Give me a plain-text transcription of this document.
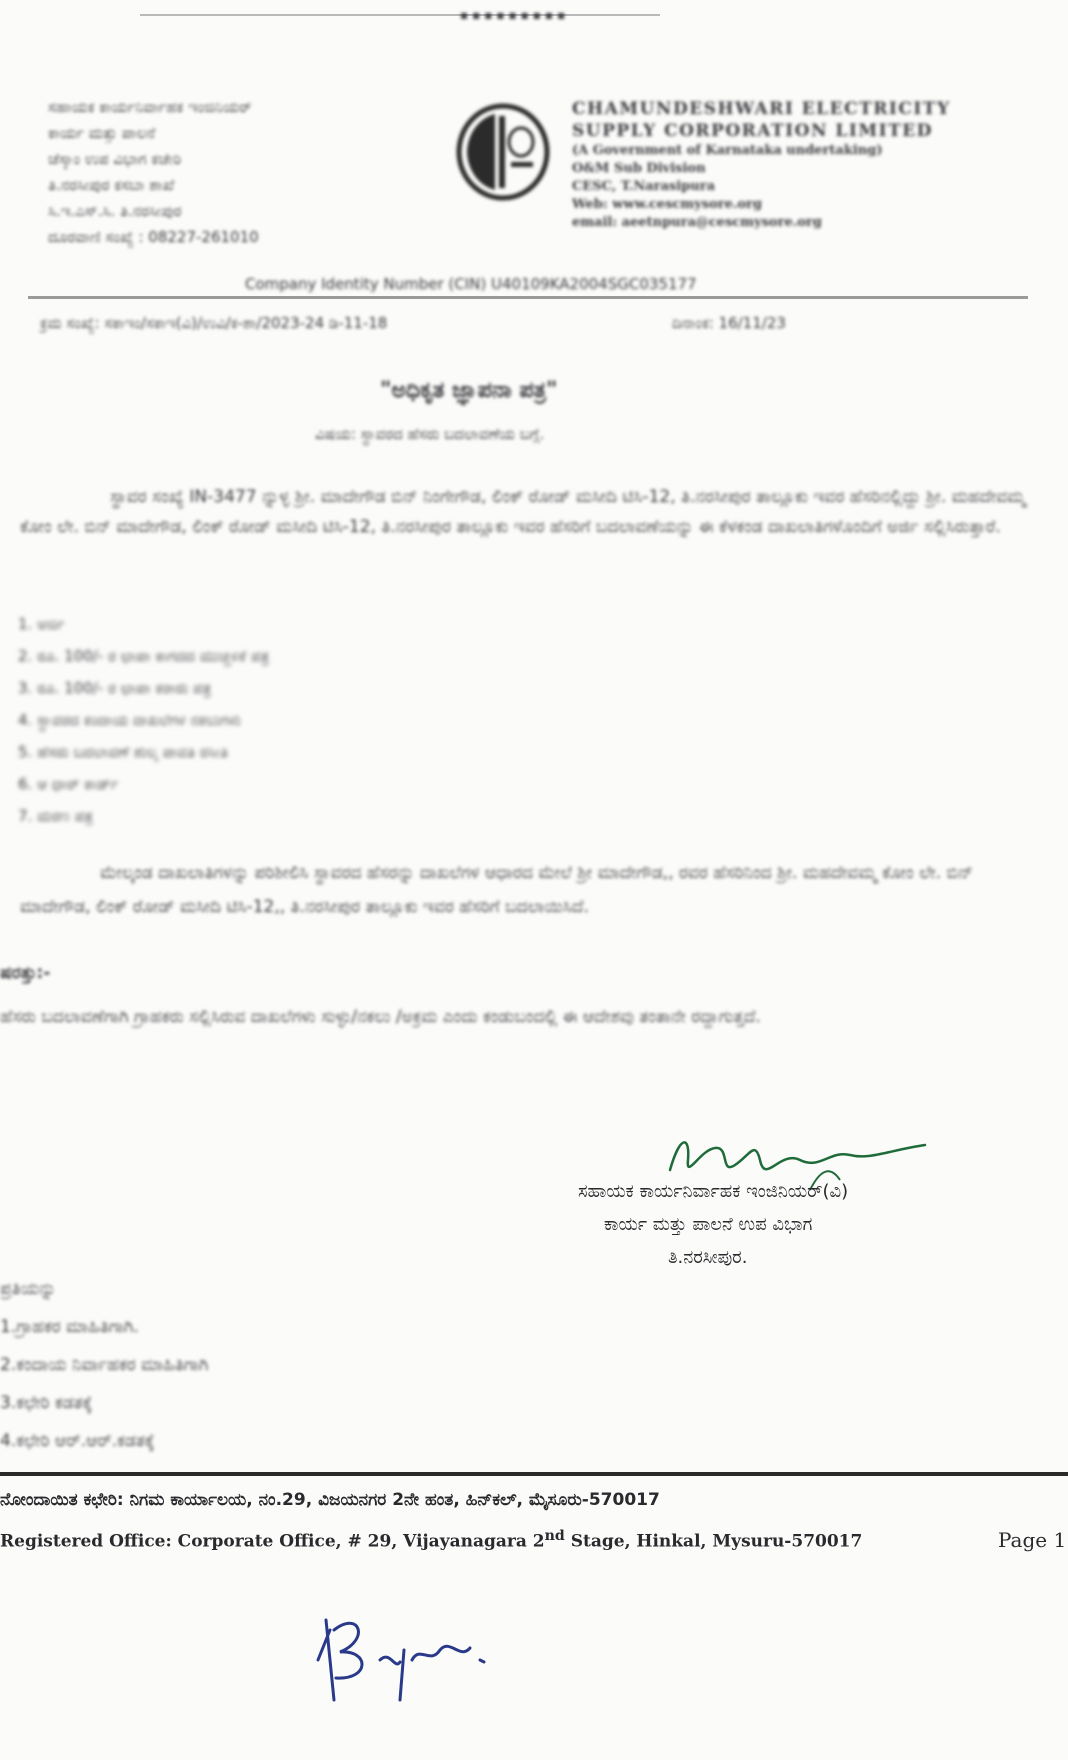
▪▪▪▪▪▪▪▪▪
ಸಹಾಯಕ ಕಾರ್ಯನಿರ್ವಾಹಕ ಇಂಜಿನಿಯರ್
ಕಾರ್ಯ ಮತ್ತು ಪಾಲನೆ
ಚೆಸ್ಕಾಂ ಉಪ ವಿಭಾಗ ಕಚೇರಿ
ತಿ.ನರಸೀಪುರ ಕಸಬಾ ಶಾಖೆ
ಸಿ.ಇ.ಎಸ್.ಸಿ. ತಿ.ನರಸೀಪುರ
ದೂರವಾಣಿ ಸಂಖ್ಯೆ : 08227-261010
CHAMUNDESHWARI ELECTRICITY SUPPLY CORPORATION LIMITED
(A Government of Karnataka undertaking)
O&M Sub Division
CESC, T.Narasipura
Web: www.cescmysore.org
email: aeetnpura@cescmysore.org
Company Identity Number (CIN) U40109KA2004SGC035177
ಕ್ರಮ ಸಂಖ್ಯೆ: ಸಕಾಇಂ/ಸಕಾಇ(ವಿ)/ಉವಿ/ಕ-ಶಾ/2023-24 ಡಿ-11-18	ದಿನಾಂಕ: 16/11/23
"ಅಧಿಕೃತ ಜ್ಞಾಪನಾ ಪತ್ರ"
ವಿಷಯ: ಸ್ಥಾವರದ ಹೆಸರು ಬದಲಾವಣೆಯ ಬಗ್ಗೆ.
ಸ್ಥಾವರ ಸಂಖ್ಯೆ IN-3477 ನ್ನುಳ್ಳ ಶ್ರೀ. ಮಾದೇಗೌಡ ಬಿನ್ ನಿಂಗೇಗೌಡ, ಲಿಂಕ್ ರೋಡ್ ಮಸೀದಿ ಟಿಸಿ-12, ತಿ.ನರಸೀಪುರ ತಾಲ್ಲೂಕು ಇವರ ಹೆಸರಿನಲ್ಲಿದ್ದು ಶ್ರೀ. ಮಹದೇವಮ್ಮ ಕೋಂ ಲೇ. ಬಿನ್ ಮಾದೇಗೌಡ, ಲಿಂಕ್ ರೋಡ್ ಮಸೀದಿ ಟಿಸಿ-12, ತಿ.ನರಸೀಪುರ ತಾಲ್ಲೂಕು ಇವರ ಹೆಸರಿಗೆ ಬದಲಾವಣೆಯನ್ನು ಈ ಕೆಳಕಂಡ ದಾಖಲಾತಿಗಳೊಂದಿಗೆ ಅರ್ಜಿ ಸಲ್ಲಿಸಿರುತ್ತಾರೆ.
1. ಅರ್ಜಿ
2. ರೂ. 100/- ರ ಛಾಪಾ ಕಾಗದದ ಮುಚ್ಚಳಿಕೆ ಪತ್ರ
3. ರೂ. 100/- ರ ಛಾಪಾ ಕರಾರು ಪತ್ರ
4. ಸ್ಥಾವರದ ಕಂದಾಯ ದಾಖಲೆಗಳ ನಕಲುಗಳು
5. ಹೆಸರು ಬದಲಾವಣೆ ಶುಲ್ಕ ಪಾವತಿ ರಸೀತಿ
6. ಆ ಧಾರ್ ಕಾರ್ಡ್
7. ಮರಣ ಪತ್ರ
ಮೇಲ್ಕಂಡ ದಾಖಲಾತಿಗಳನ್ನು ಪರಿಶೀಲಿಸಿ ಸ್ಥಾವರದ ಹೆಸರನ್ನು ದಾಖಲೆಗಳ ಆಧಾರದ ಮೇಲೆ ಶ್ರೀ ಮಾದೇಗೌಡ,, ರವರ ಹೆಸರಿನಿಂದ ಶ್ರೀ. ಮಹದೇವಮ್ಮ ಕೋಂ ಲೇ. ಬಿನ್ ಮಾದೇಗೌಡ, ಲಿಂಕ್ ರೋಡ್ ಮಸೀದಿ ಟಿಸಿ-12,, ತಿ.ನರಸೀಪುರ ತಾಲ್ಲೂಕು ಇವರ ಹೆಸರಿಗೆ ಬದಲಾಯಿಸಿದೆ.
ಷರತ್ತು:-
ಹೆಸರು ಬದಲಾವಣೆಗಾಗಿ ಗ್ರಾಹಕರು ಸಲ್ಲಿಸಿರುವ ದಾಖಲೆಗಳು ಸುಳ್ಳು/ನಕಲು /ಅಕ್ರಮ ಎಂದು ಕಂಡುಬಂದಲ್ಲಿ ಈ ಆದೇಶವು ತಂತಾನೇ ರದ್ದಾಗುತ್ತದೆ.
ಸಹಾಯಕ ಕಾರ್ಯನಿರ್ವಾಹಕ ಇಂಜಿನಿಯರ್(ವಿ)
ಕಾರ್ಯ ಮತ್ತು ಪಾಲನೆ ಉಪ ವಿಭಾಗ
ತಿ.ನರಸೀಪುರ.
ಪ್ರತಿಯನ್ನು
1.ಗ್ರಾಹಕರ ಮಾಹಿತಿಗಾಗಿ.
2.ಕಂದಾಯ ನಿರ್ವಾಹಕರ ಮಾಹಿತಿಗಾಗಿ
3.ಕಛೇರಿ ಕಡತಕ್ಕೆ
4.ಕಛೇರಿ ಆರ್.ಆರ್.ಕಡತಕ್ಕೆ
ನೋಂದಾಯಿತ ಕಛೇರಿ: ನಿಗಮ ಕಾರ್ಯಾಲಯ, ನಂ.29, ವಿಜಯನಗರ 2ನೇ ಹಂತ, ಹಿನ್‌ಕಲ್, ಮೈಸೂರು-570017
Registered Office: Corporate Office, # 29, Vijayanagara 2nd Stage, Hinkal, Mysuru-570017	Page 1
